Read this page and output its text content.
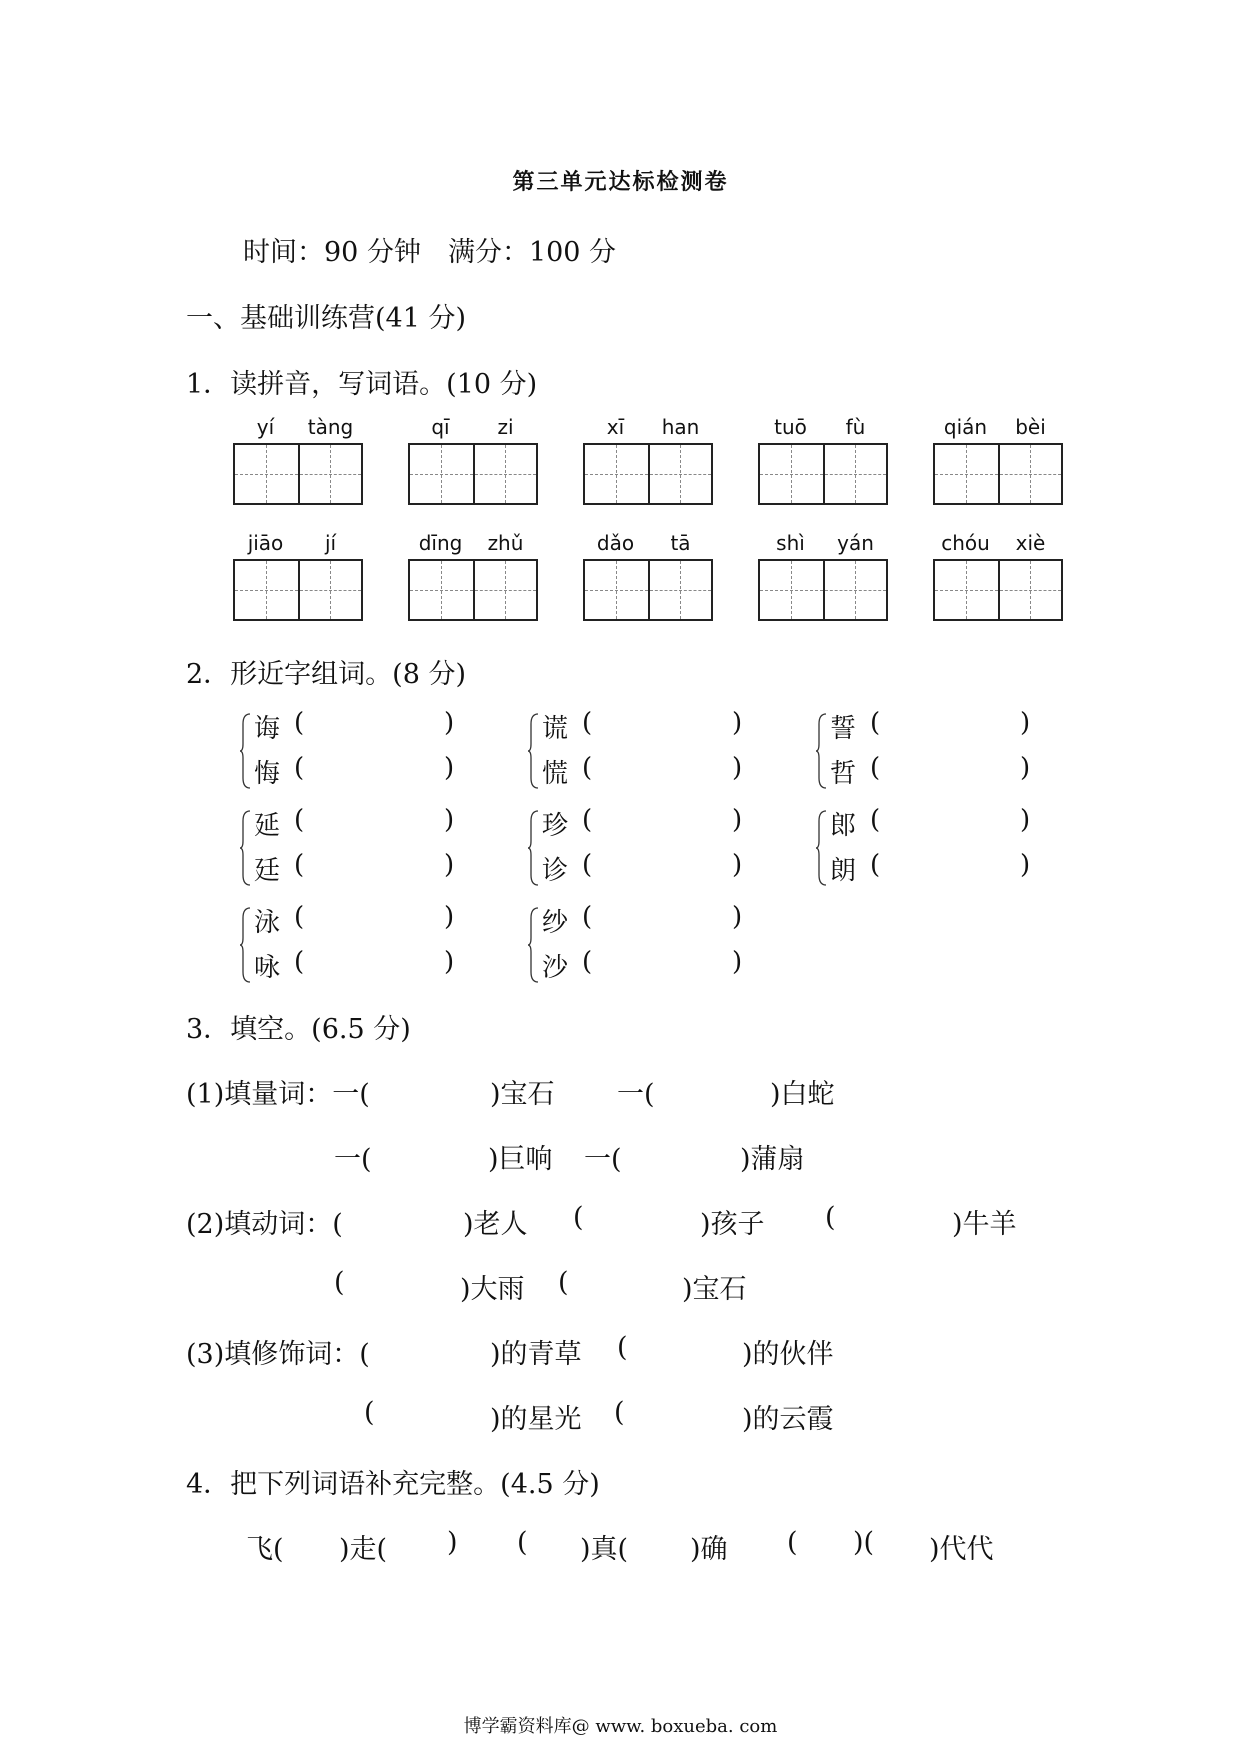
第三单元达标检测卷
时间：90 分钟　满分：100 分
一、基础训练营(41 分)
1．读拼音，写词语。(10 分)
yí	tàng	qī	zi	xī	han	tuō	fù	qián	bèi
jiāo	jí	dīng	zhǔ	dǎo	tā	shì	yán	chóu	xiè
2．形近字组词。(8 分)
诲 (	)
悔 (	)
谎 (	)
慌 (	)
誓 (	)
哲 (	)
延 (	)
廷 (	)
珍 (	)
诊 (	)
郎 (	)
朗 (	)
泳 (	)
咏 (	)
纱 (	)
沙 (	)
3．填空。(6.5 分)
(1)填量词：一(	)宝石 一(	)白蛇
一(	)巨响 一(	)蒲扇
(2)填动词：(	)老人 (	)孩子 (	)牛羊
(	)大雨 (	)宝石
(3)填修饰词：(	)的青草 (	)的伙伴
(	)的星光 (	)的云霞
4．把下列词语补充完整。(4.5 分)
飞( )走( ) ( )真( )确 ( )( )代代
博学霸资料库@ www. boxueba. com
